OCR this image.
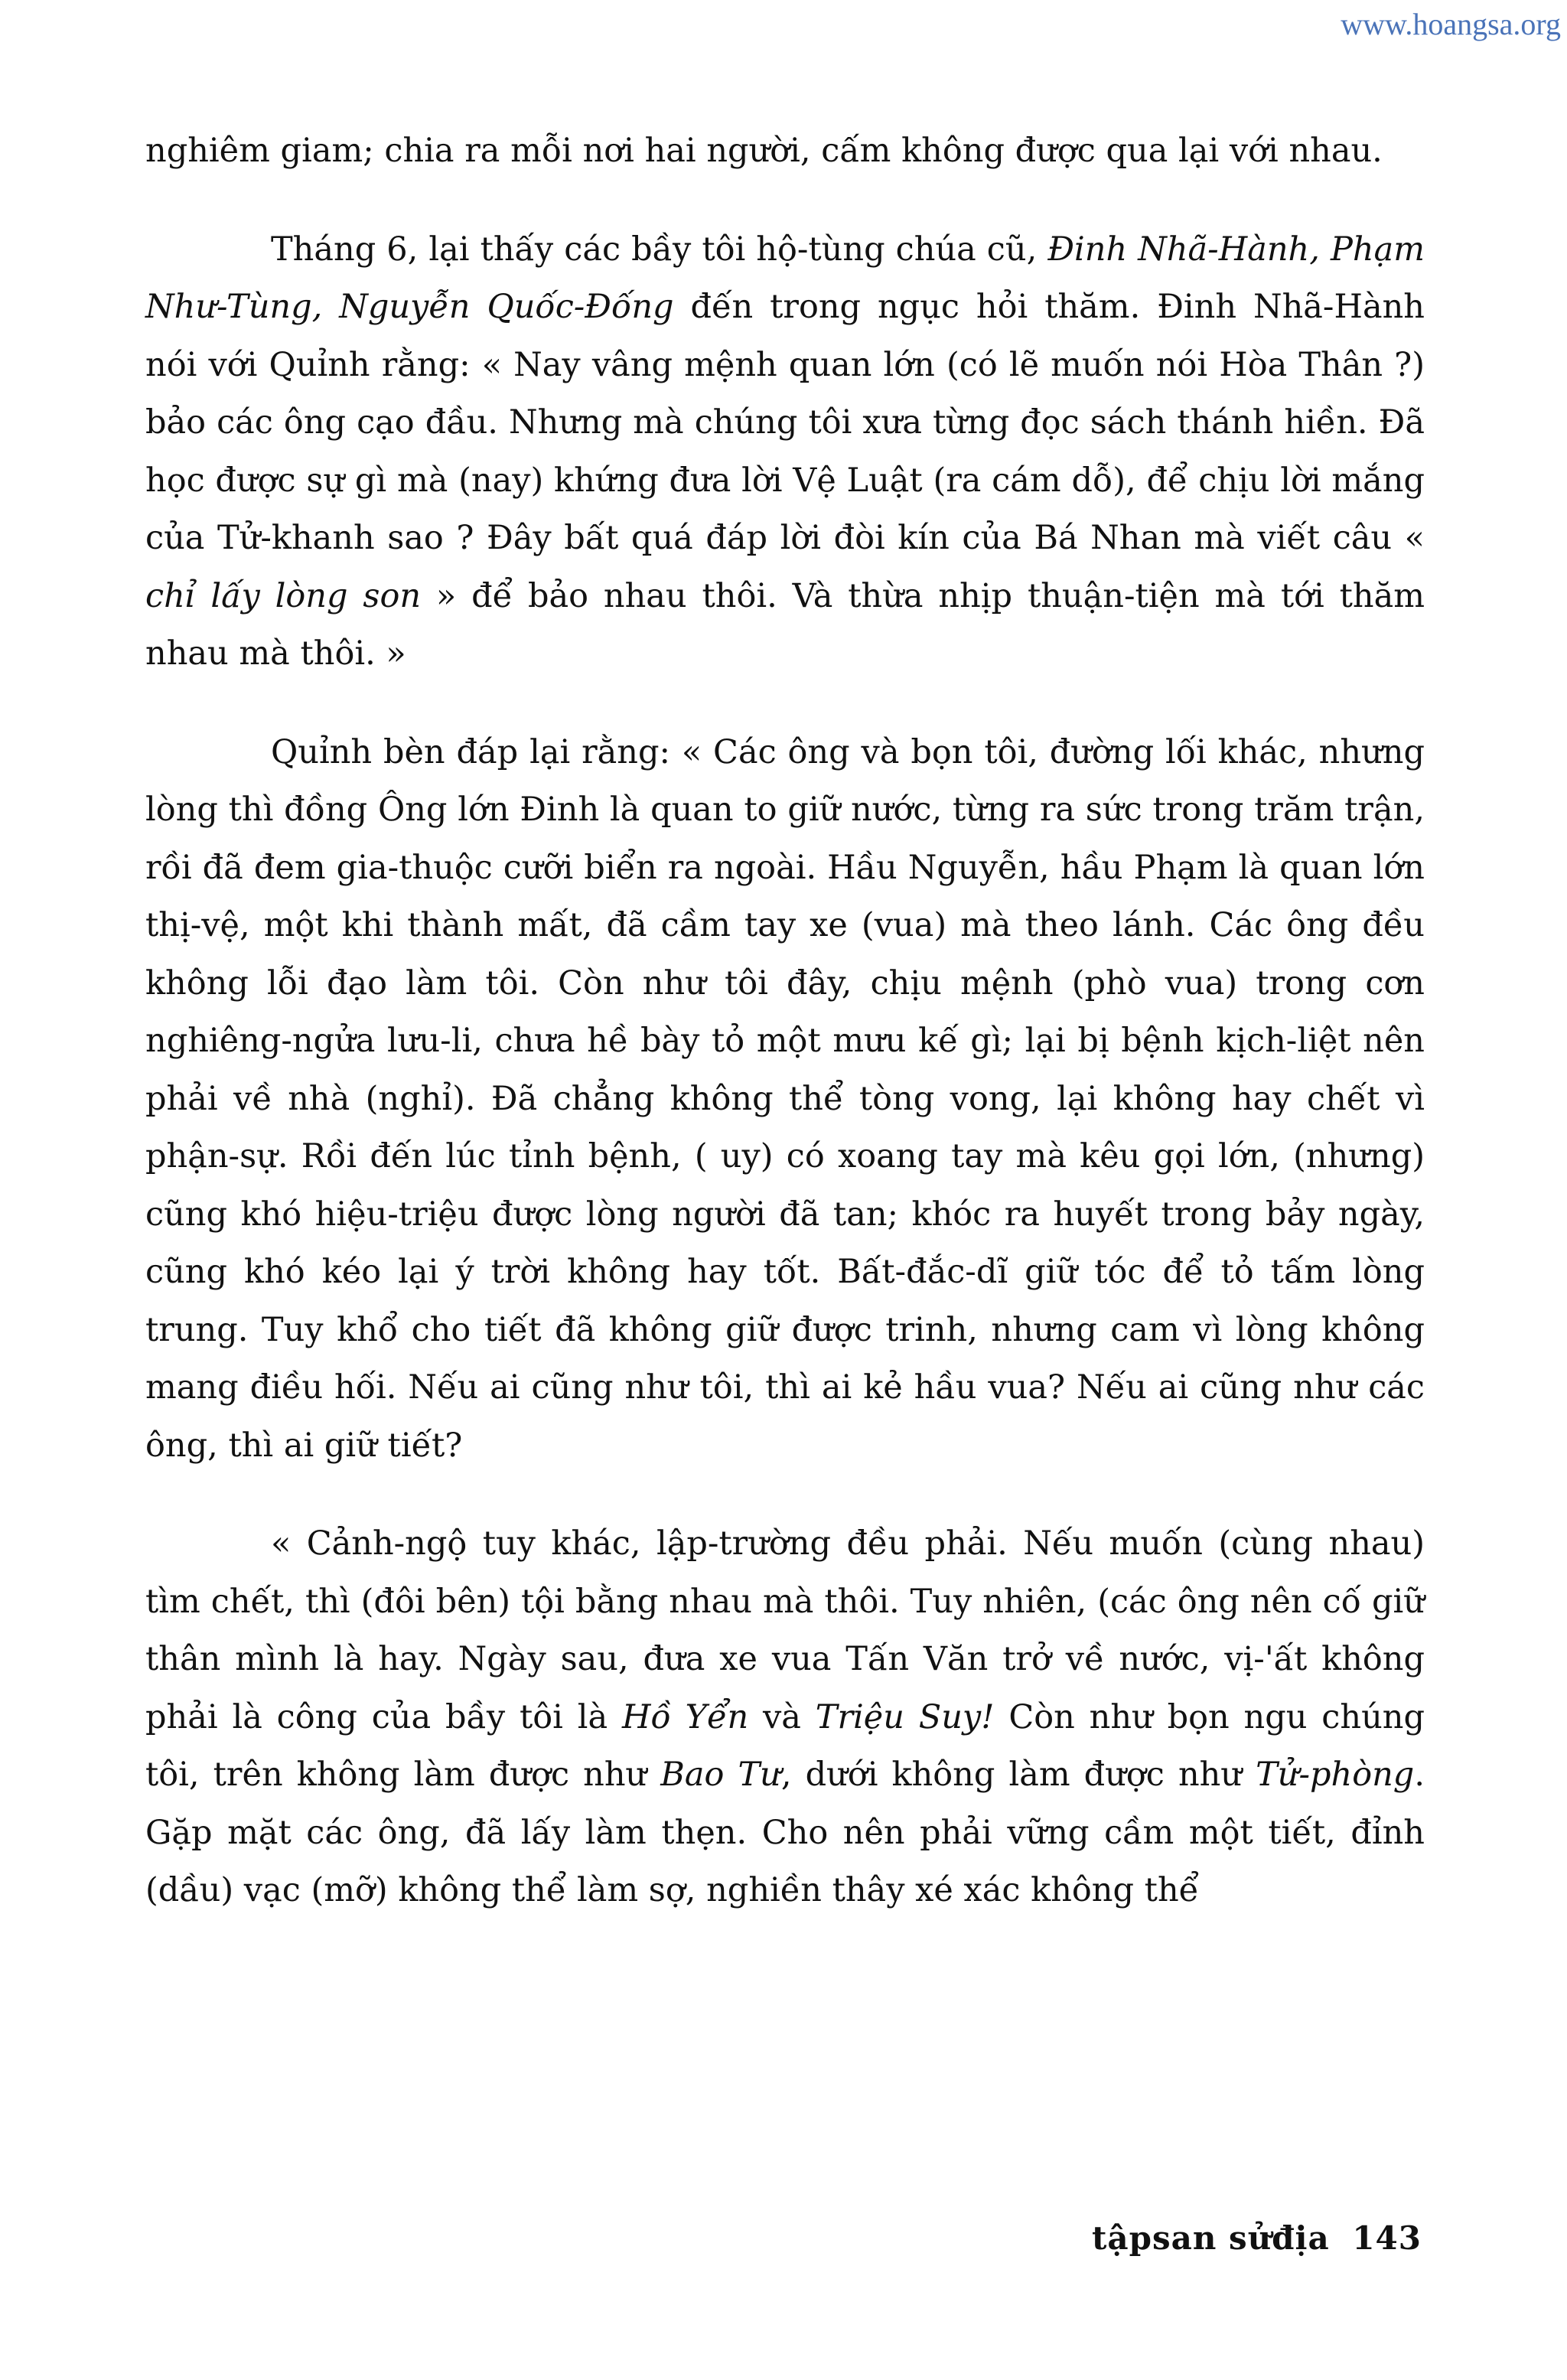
www.hoangsa.org

nghiêm giam; chia ra mỗi nơi hai người, cấm không được qua lại với nhau.

Tháng 6, lại thấy các bầy tôi hộ-tùng chúa cũ, Đinh Nhã-Hành, Phạm Như-Tùng, Nguyễn Quốc-Đống đến trong ngục hỏi thăm. Đinh Nhã-Hành nói với Quỉnh rằng: « Nay vâng mệnh quan lớn (có lẽ muốn nói Hòa Thân ?) bảo các ông cạo đầu. Nhưng mà chúng tôi xưa từng đọc sách thánh hiền. Đã học được sự gì mà (nay) khứng đưa lời Vệ Luật (ra cám dỗ), để chịu lời mắng của Tử-khanh sao ? Đây bất quá đáp lời đòi kín của Bá Nhan mà viết câu « chỉ lấy lòng son » để bảo nhau thôi. Và thừa nhịp thuận-tiện mà tới thăm nhau mà thôi. »

Quỉnh bèn đáp lại rằng: « Các ông và bọn tôi, đường lối khác, nhưng lòng thì đồng Ông lớn Đinh là quan to giữ nước, từng ra sức trong trăm trận, rồi đã đem gia-thuộc cưỡi biển ra ngoài. Hầu Nguyễn, hầu Phạm là quan lớn thị-vệ, một khi thành mất, đã cầm tay xe (vua) mà theo lánh. Các ông đều không lỗi đạo làm tôi. Còn như tôi đây, chịu mệnh (phò vua) trong cơn nghiêng-ngửa lưu-li, chưa hề bày tỏ một mưu kế gì; lại bị bệnh kịch-liệt nên phải về nhà (nghỉ). Đã chẳng không thể tòng vong, lại không hay chết vì phận-sự. Rồi đến lúc tỉnh bệnh, ( uy) có xoang tay mà kêu gọi lớn, (nhưng) cũng khó hiệu-triệu được lòng người đã tan; khóc ra huyết trong bảy ngày, cũng khó kéo lại ý trời không hay tốt. Bất-đắc-dĩ giữ tóc để tỏ tấm lòng trung. Tuy khổ cho tiết đã không giữ được trinh, nhưng cam vì lòng không mang điều hối. Nếu ai cũng như tôi, thì ai kẻ hầu vua? Nếu ai cũng như các ông, thì ai giữ tiết?

« Cảnh-ngộ tuy khác, lập-trường đều phải. Nếu muốn (cùng nhau) tìm chết, thì (đôi bên) tội bằng nhau mà thôi. Tuy nhiên, (các ông nên cố giữ thân mình là hay. Ngày sau, đưa xe vua Tấn Văn trở về nước, vị-'ất không phải là công của bầy tôi là Hồ Yển và Triệu Suy! Còn như bọn ngu chúng tôi, trên không làm được như Bao Tư, dưới không làm được như Tử-phòng. Gặp mặt các ông, đã lấy làm thẹn. Cho nên phải vững cầm một tiết, đỉnh (dầu) vạc (mỡ) không thể làm sợ, nghiền thây xé xác không thể

tậpsan sửđịa 143
